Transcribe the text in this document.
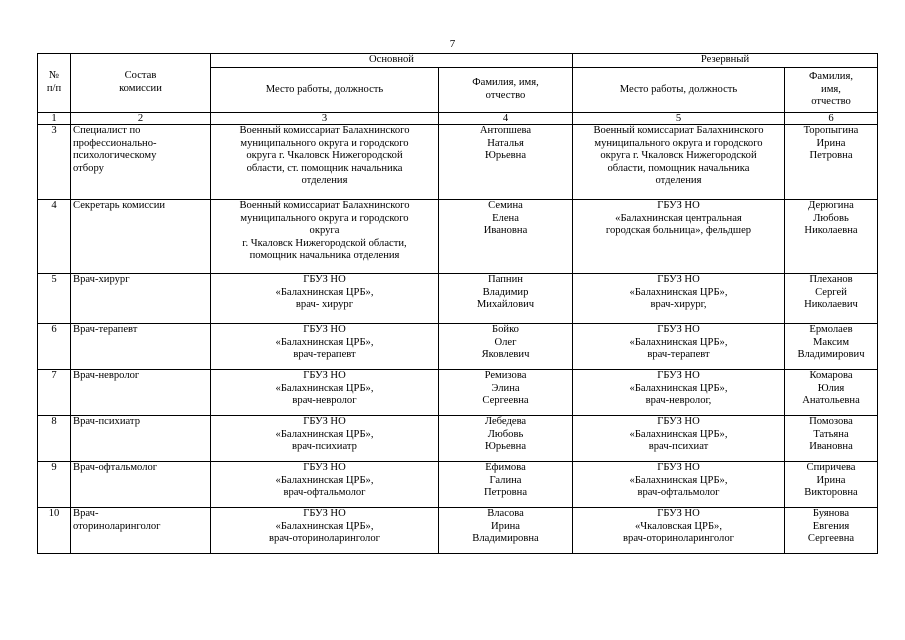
7
№
п/п	Состав
комиссии	Основной		Резервный	
		Место работы, должность	Фамилия, имя,
отчество	Место работы, должность	Фамилия,
имя,
отчество
1	2	3	4	5	6
3	Специалист по
профессионально-
психологическому
отбору	Военный комиссариат Балахнинского
муниципального округа и городского
округа г. Чкаловск Нижегородской
области, ст. помощник начальника
отделения	Антопшева
Наталья
Юрьевна	Военный комиссариат Балахнинского
муниципального округа и городского
округа г. Чкаловск Нижегородской
области, помощник начальника
отделения	Торопыгина
Ирина
Петровна
4	Секретарь комиссии	Военный комиссариат Балахнинского
муниципального округа и городского
округа
г. Чкаловск Нижегородской области,
помощник начальника отделения	Семина
Елена
Ивановна	ГБУЗ НО
«Балахнинская центральная
городская больница», фельдшер	Дерюгина
Любовь
Николаевна
5	Врач-хирург	ГБУЗ НО
«Балахнинская ЦРБ»,
врач- хирург	Папнин
Владимир
Михайлович	ГБУЗ НО
«Балахнинская ЦРБ»,
врач-хирург,	Плеханов
Сергей
Николаевич
6	Врач-терапевт	ГБУЗ НО
«Балахнинская ЦРБ»,
врач-терапевт	Бойко
Олег
Яковлевич	ГБУЗ НО
«Балахнинская ЦРБ»,
врач-терапевт	Ермолаев
Максим
Владимирович
7	Врач-невролог	ГБУЗ НО
«Балахнинская ЦРБ»,
врач-невролог	Ремизова
Элина
Сергеевна	ГБУЗ НО
«Балахнинская ЦРБ»,
врач-невролог,	Комарова
Юлия
Анатольевна
8	Врач-психиатр	ГБУЗ НО
«Балахнинская ЦРБ»,
врач-психиатр	Лебедева
Любовь
Юрьевна	ГБУЗ НО
«Балахнинская ЦРБ»,
врач-психиат	Помозова
Татьяна
Ивановна
9	Врач-офтальмолог	ГБУЗ НО
«Балахнинская ЦРБ»,
врач-офтальмолог	Ефимова
Галина
Петровна	ГБУЗ НО
«Балахнинская ЦРБ»,
врач-офтальмолог	Спиричева
Ирина
Викторовна
10	Врач-
оториноларинголог	ГБУЗ НО
«Балахнинская ЦРБ»,
врач-оториноларинголог	Власова
Ирина
Владимировна	ГБУЗ НО
«Чкаловская ЦРБ»,
врач-оториноларинголог	Буянова
Евгения
Сергеевна
